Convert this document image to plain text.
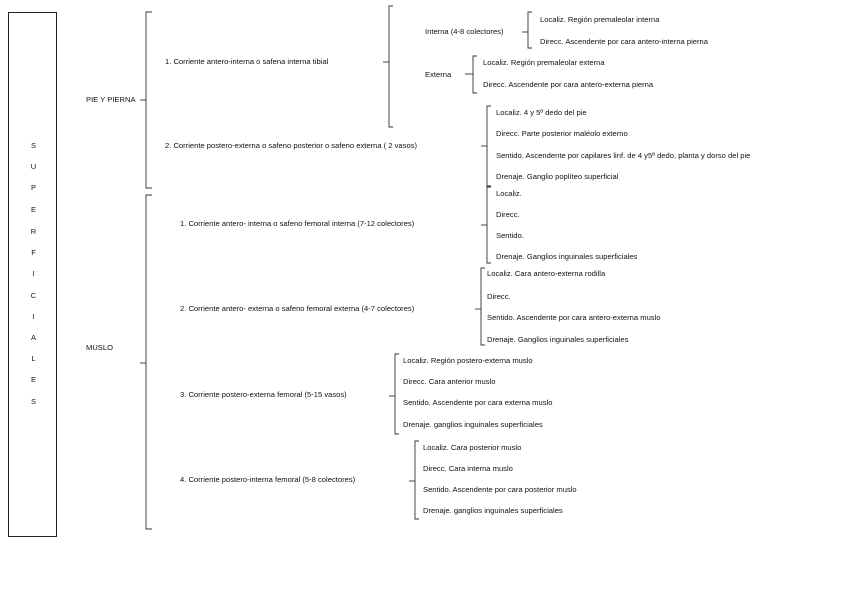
S
U
P
E
R
F
I
C
I
A
L
E
S
PIE Y PIERNA
1. Corriente antero-interna o safena interna tibial
Interna (4-8 colectores)
Localiz. Región premaleolar interna
Direcc. Ascendente por cara antero-interna pierna
Externa
Localiz. Región premaleolar externa
Direcc. Ascendente por cara antero-externa pierna
2. Corriente postero-externa o safeno posterior o safeno externa ( 2 vasos)
Localiz. 4 y 5º dedo del pie
Direcc. Parte posterior maléolo externo
Sentido. Ascendente por capilares linf. de 4 y5º dedo, planta y dorso del pie
Drenaje. Ganglio poplíteo superficial
MUSLO
1. Corriente antero- interna o safeno femoral interna (7-12 colectores)
Localiz.
Direcc.
Sentido.
Drenaje. Ganglios inguinales superficiales
2. Corriente antero- externa o safeno femoral externa (4-7 colectores)
Localiz. Cara antero-externa rodilla
Direcc.
Sentido. Ascendente por cara antero-externa muslo
Drenaje. Ganglios inguinales superficiales
3. Corriente postero-externa femoral (5-15 vasos)
Localiz. Región postero-externa muslo
Direcc. Cara anterior muslo
Sentido. Ascendente por cara externa muslo
Drenaje. ganglios inguinales superficiales
4. Corriente postero-interna femoral (5-8 colectores)
Localiz. Cara posterior muslo
Direcc. Cara interna muslo
Sentido. Ascendente por cara posterior muslo
Drenaje. ganglios inguinales superficiales
